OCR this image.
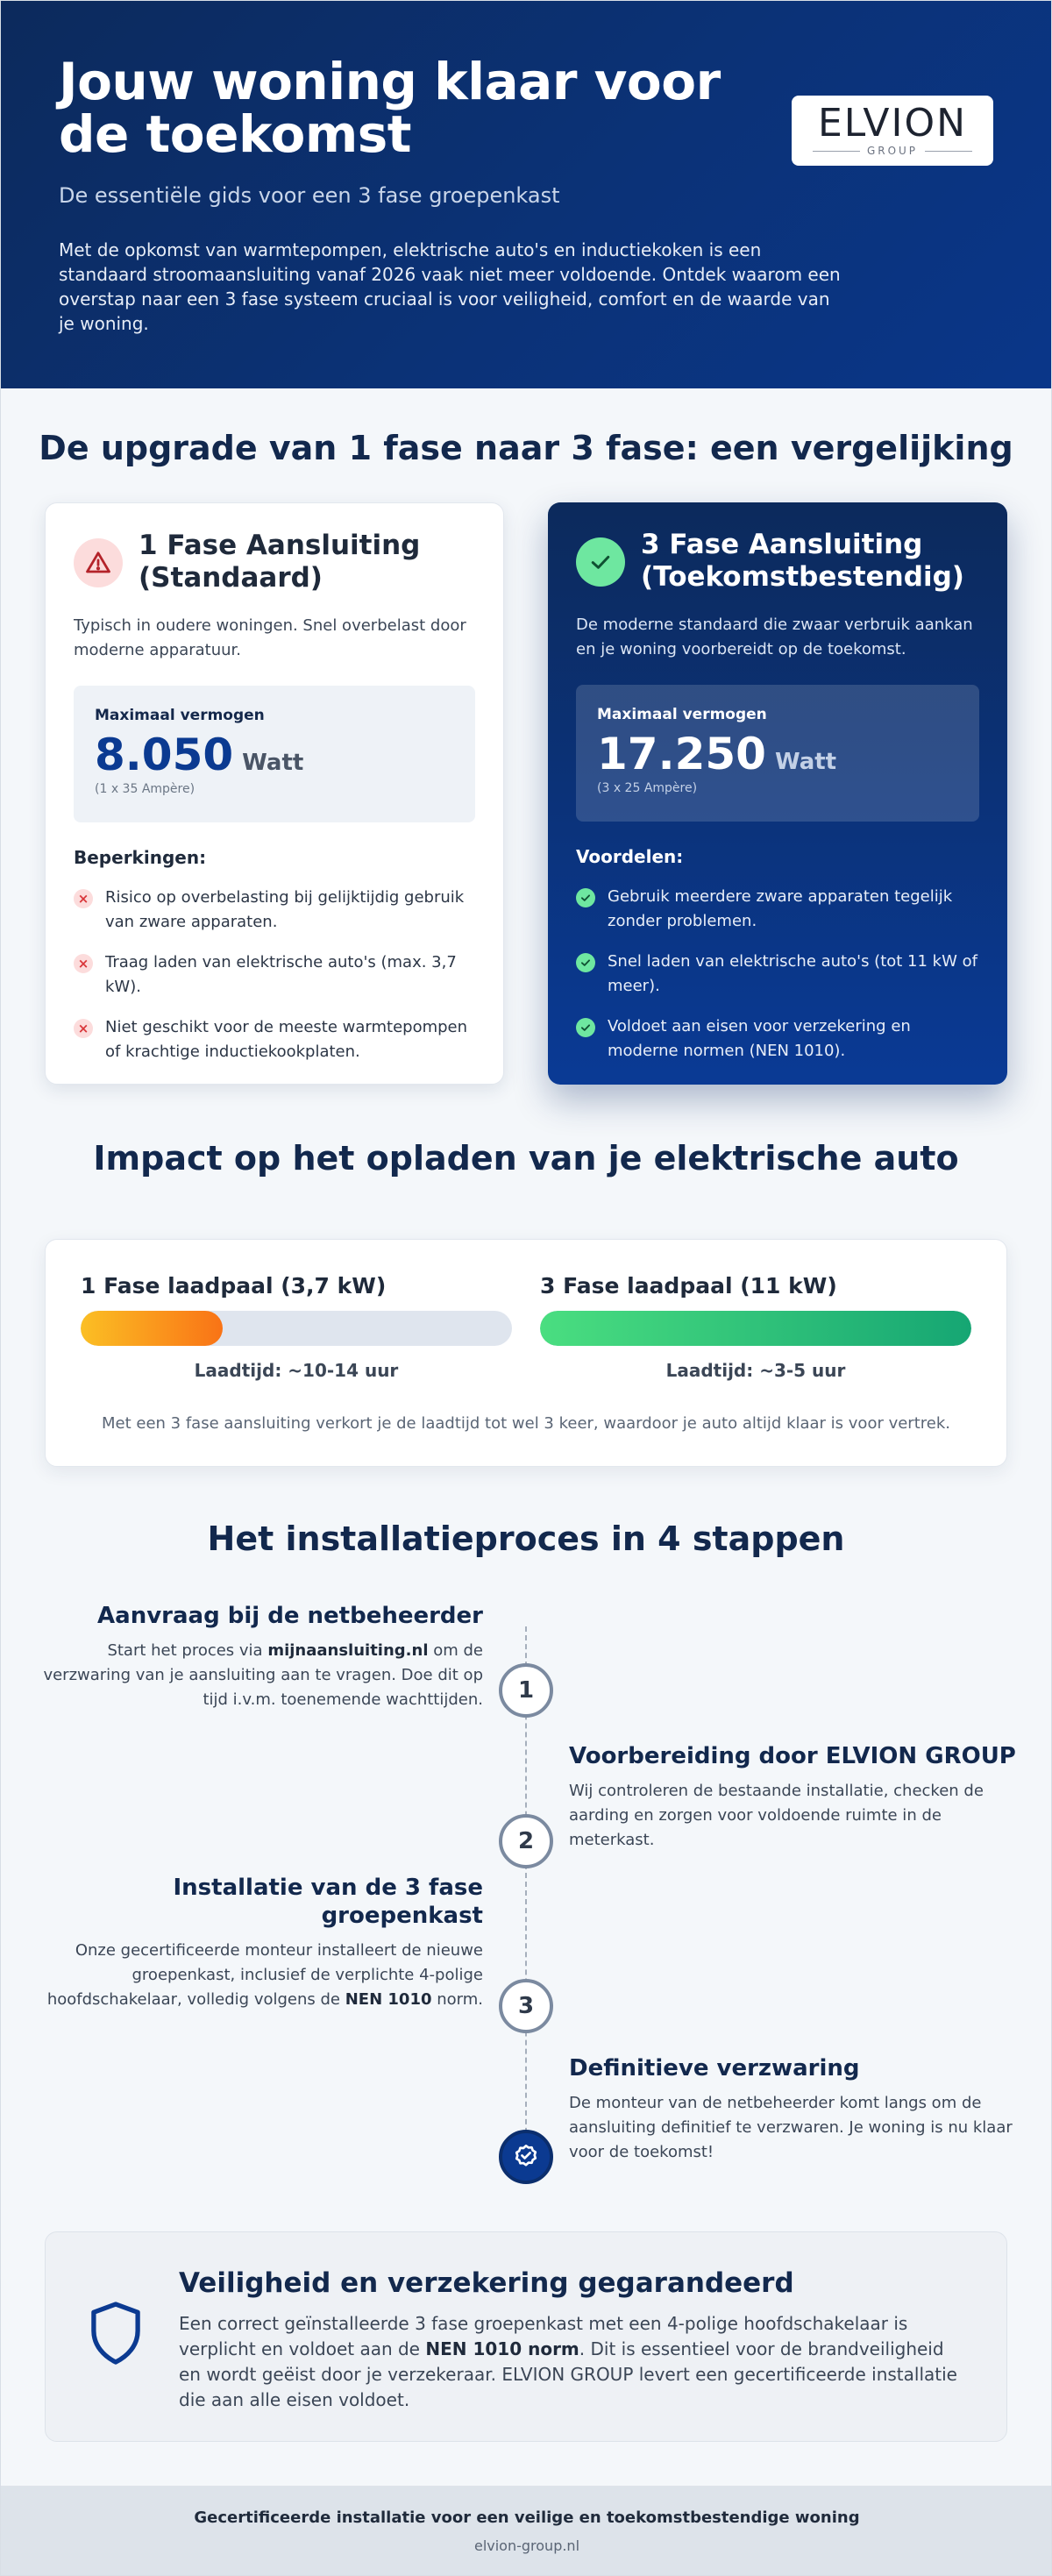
Jouw woning klaar voor de toekomst
De essentiële gids voor een 3 fase groepenkast

Met de opkomst van warmtepompen, elektrische auto's en inductiekoken is een standaard stroomaansluiting vanaf 2026 vaak niet meer voldoende. Ontdek waarom een overstap naar een 3 fase systeem cruciaal is voor veiligheid, comfort en de waarde van je woning.

ELVION
GROUP
De upgrade van 1 fase naar 3 fase: een vergelijking
1 Fase Aansluiting (Standaard)

Typisch in oudere woningen. Snel overbelast door moderne apparatuur.

Maximaal vermogen
8.050 Watt
(1 x 35 Ampère)
Beperkingen:
× Risico op overbelasting bij gelijktijdig gebruik van zware apparaten.
× Traag laden van elektrische auto's (max. 3,7 kW).
× Niet geschikt voor de meeste warmtepompen of krachtige inductiekookplaten.
3 Fase Aansluiting (Toekomstbestendig)

De moderne standaard die zwaar verbruik aankan en je woning voorbereidt op de toekomst.

Maximaal vermogen
17.250 Watt
(3 x 25 Ampère)
Voordelen:
Gebruik meerdere zware apparaten tegelijk zonder problemen.
Snel laden van elektrische auto's (tot 11 kW of meer).
Voldoet aan eisen voor verzekering en moderne normen (NEN 1010).
Impact op het opladen van je elektrische auto
1 Fase laadpaal (3,7 kW)
Laadtijd: ~10-14 uur
3 Fase laadpaal (11 kW)
Laadtijd: ~3-5 uur

Met een 3 fase aansluiting verkort je de laadtijd tot wel 3 keer, waardoor je auto altijd klaar is voor vertrek.

Het installatieproces in 4 stappen
Aanvraag bij de netbeheerder

Start het proces via mijnaansluiting.nl om de verzwaring van je aansluiting aan te vragen. Doe dit op tijd i.v.m. toenemende wachttijden.	1
Voorbereiding door ELVION GROUP

Wij controleren de bestaande installatie, checken de aarding en zorgen voor voldoende ruimte in de meterkast.

2
Installatie van de 3 fase groepenkast

Onze gecertificeerde monteur installeert de nieuwe groepenkast, inclusief de verplichte 4-polige hoofdschakelaar, volledig volgens de NEN 1010 norm.	3
Definitieve verzwaring

De monteur van de netbeheerder komt langs om de aansluiting definitief te verzwaren. Je woning is nu klaar voor de toekomst!

Veiligheid en verzekering gegarandeerd

Een correct geïnstalleerde 3 fase groepenkast met een 4-polige hoofdschakelaar is verplicht en voldoet aan de NEN 1010 norm. Dit is essentieel voor de brandveiligheid en wordt geëist door je verzekeraar. ELVION GROUP levert een gecertificeerde installatie die aan alle eisen voldoet.

Gecertificeerde installatie voor een veilige en toekomstbestendige woning
elvion-group.nl
